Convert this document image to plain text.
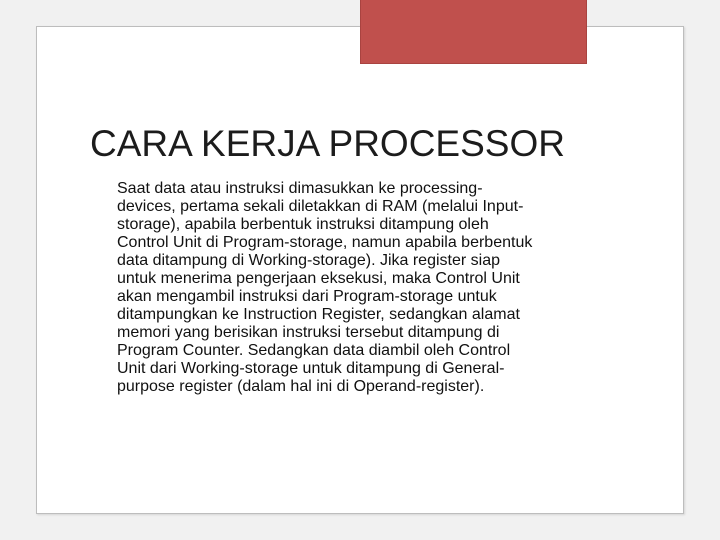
CARA KERJA PROCESSOR
Saat data atau instruksi dimasukkan ke processing-
devices, pertama sekali diletakkan di RAM (melalui Input-
storage), apabila berbentuk instruksi ditampung oleh
Control Unit di Program-storage, namun apabila berbentuk
data ditampung di Working-storage). Jika register siap
untuk menerima pengerjaan eksekusi, maka Control Unit
akan mengambil instruksi dari Program-storage untuk
ditampungkan ke Instruction Register, sedangkan alamat
memori yang berisikan instruksi tersebut ditampung di
Program Counter. Sedangkan data diambil oleh Control
Unit dari Working-storage untuk ditampung di General-
purpose register (dalam hal ini di Operand-register).
